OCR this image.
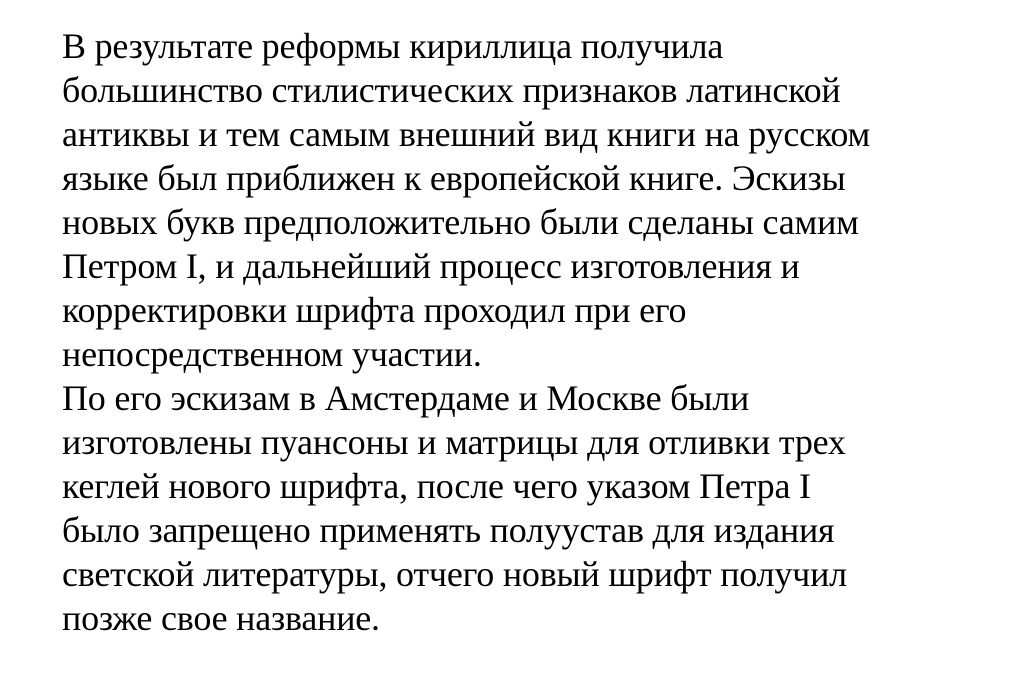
В результате реформы кириллица получила
большинство стилистических признаков латинской
антиквы и тем самым внешний вид книги на русском
языке был приближен к европейской книге. Эскизы
новых букв предположительно были сделаны самим
Петром I, и дальнейший процесс изготовления и
корректировки шрифта проходил при его
непосредственном участии.

По его эскизам в Амстердаме и Москве были
изготовлены пуансоны и матрицы для отливки трех
кеглей нового шрифта, после чего указом Петра I
было запрещено применять полуустав для издания
светской литературы, отчего новый шрифт получил
позже свое название.
